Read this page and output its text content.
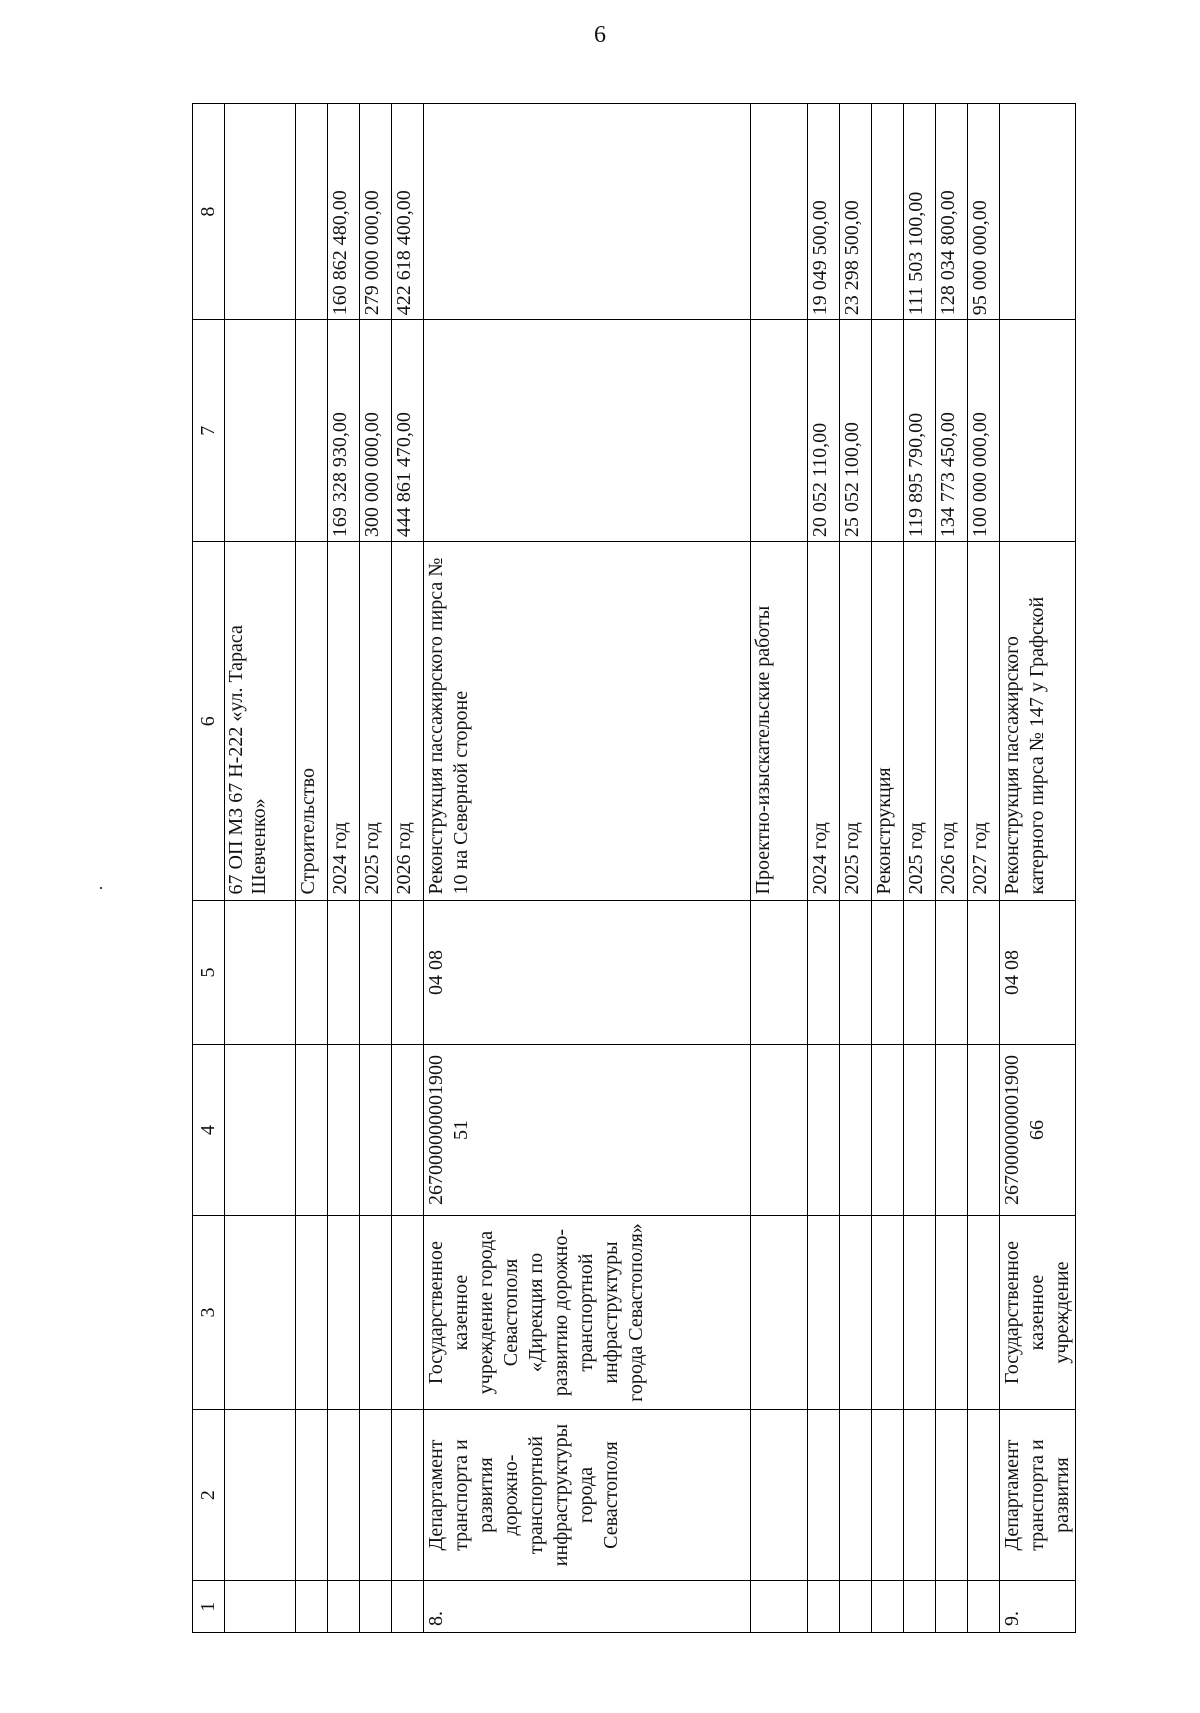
6
1	2	3	4	5	6	7	8
					67 ОП МЗ 67 Н-222 «ул. Тараса Шевченко»		
					Строительство		
					2024 год	169 328 930,00	160 862 480,00
					2025 год	300 000 000,00	279 000 000,00
					2026 год	444 861 470,00	422 618 400,00
8.	Департамент транспорта и развития дорожно-транспортной инфраструктуры города Севастополя	Государственное казенное учреждение города Севастополя «Дирекция по развитию дорожно-транспортной инфраструктуры города Севастополя»	26700000000190051	04 08	Реконструкция пассажирского пирса № 10 на Северной стороне		
					Проектно-изыскательские работы		
					2024 год	20 052 110,00	19 049 500,00
					2025 год	25 052 100,00	23 298 500,00
					Реконструкция		
					2025 год	119 895 790,00	111 503 100,00
					2026 год	134 773 450,00	128 034 800,00
					2027 год	100 000 000,00	95 000 000,00
9.	Департамент транспорта и развития	Государственное казенное учреждение	26700000000190066	04 08	Реконструкция пассажирского катерного пирса № 147 у Графской		
